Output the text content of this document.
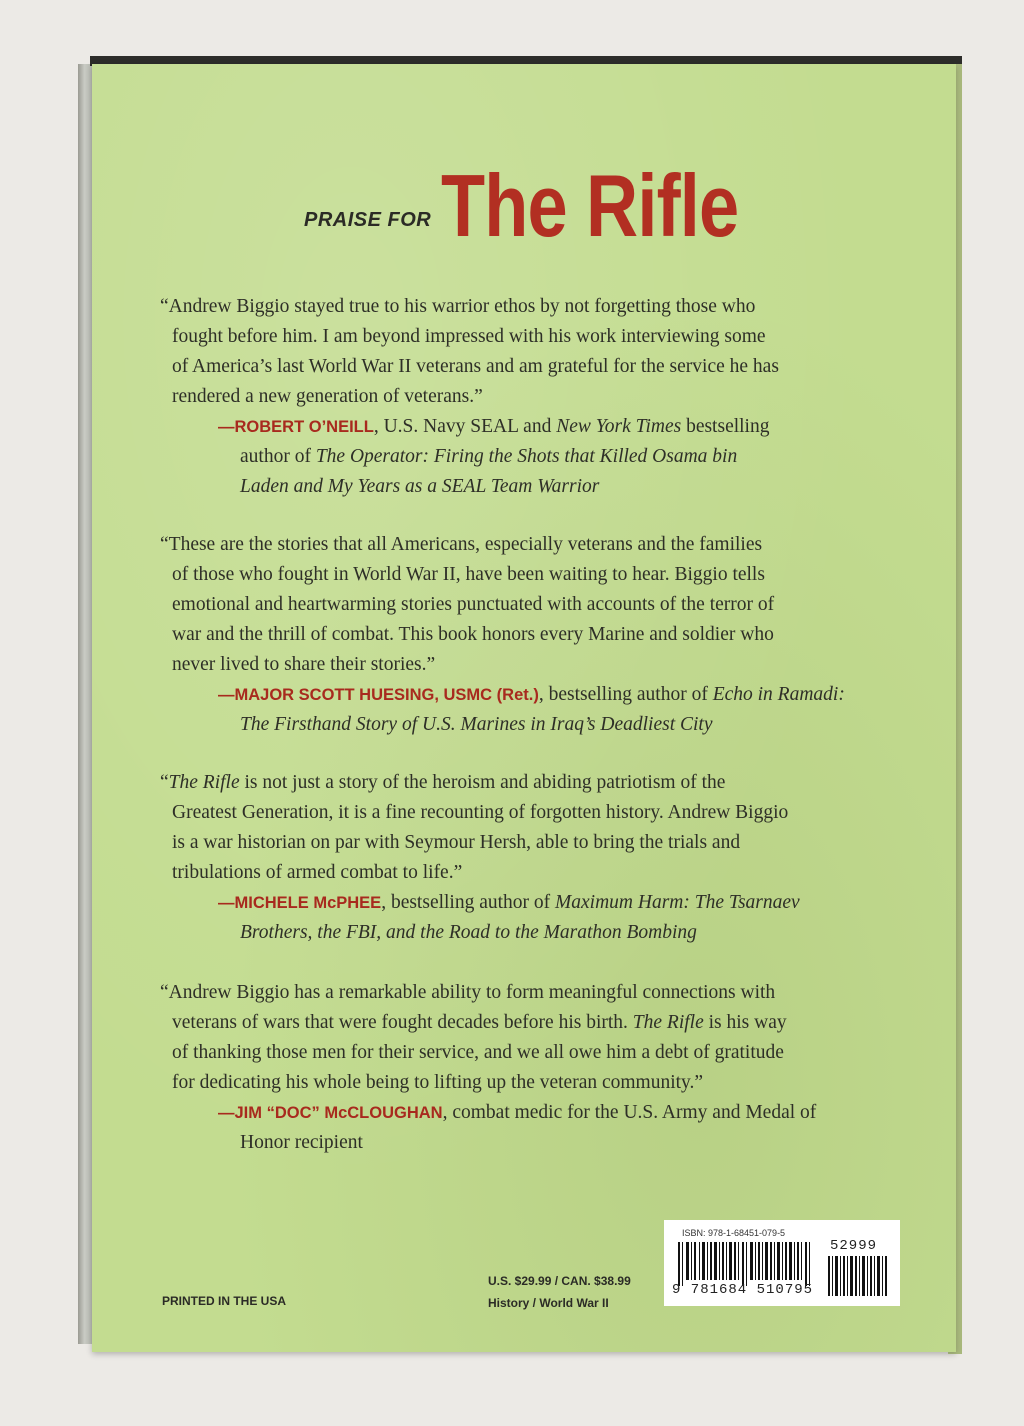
PRAISE FOR The Rifle

“Andrew Biggio stayed true to his warrior ethos by not forgetting those who
fought before him. I am beyond impressed with his work interviewing some
of America’s last World War II veterans and am grateful for the service he has
rendered a new generation of veterans.”

—ROBERT O’NEILL, U.S. Navy SEAL and New York Times bestselling
author of The Operator: Firing the Shots that Killed Osama bin
Laden and My Years as a SEAL Team Warrior

“These are the stories that all Americans, especially veterans and the families
of those who fought in World War II, have been waiting to hear. Biggio tells
emotional and heartwarming stories punctuated with accounts of the terror of
war and the thrill of combat. This book honors every Marine and soldier who
never lived to share their stories.”

—MAJOR SCOTT HUESING, USMC (Ret.), bestselling author of Echo in Ramadi:
The Firsthand Story of U.S. Marines in Iraq’s Deadliest City

“The Rifle is not just a story of the heroism and abiding patriotism of the
Greatest Generation, it is a fine recounting of forgotten history. Andrew Biggio
is a war historian on par with Seymour Hersh, able to bring the trials and
tribulations of armed combat to life.”

—MICHELE McPHEE, bestselling author of Maximum Harm: The Tsarnaev
Brothers, the FBI, and the Road to the Marathon Bombing

“Andrew Biggio has a remarkable ability to form meaningful connections with
veterans of wars that were fought decades before his birth. The Rifle is his way
of thanking those men for their service, and we all owe him a debt of gratitude
for dedicating his whole being to lifting up the veteran community.”

—JIM “DOC” McCLOUGHAN, combat medic for the U.S. Army and Medal of
Honor recipient

PRINTED IN THE USA
U.S. $29.99 / CAN. $38.99
History / World War II
ISBN: 978-1-68451-079-5
52999
9 781684 510795
